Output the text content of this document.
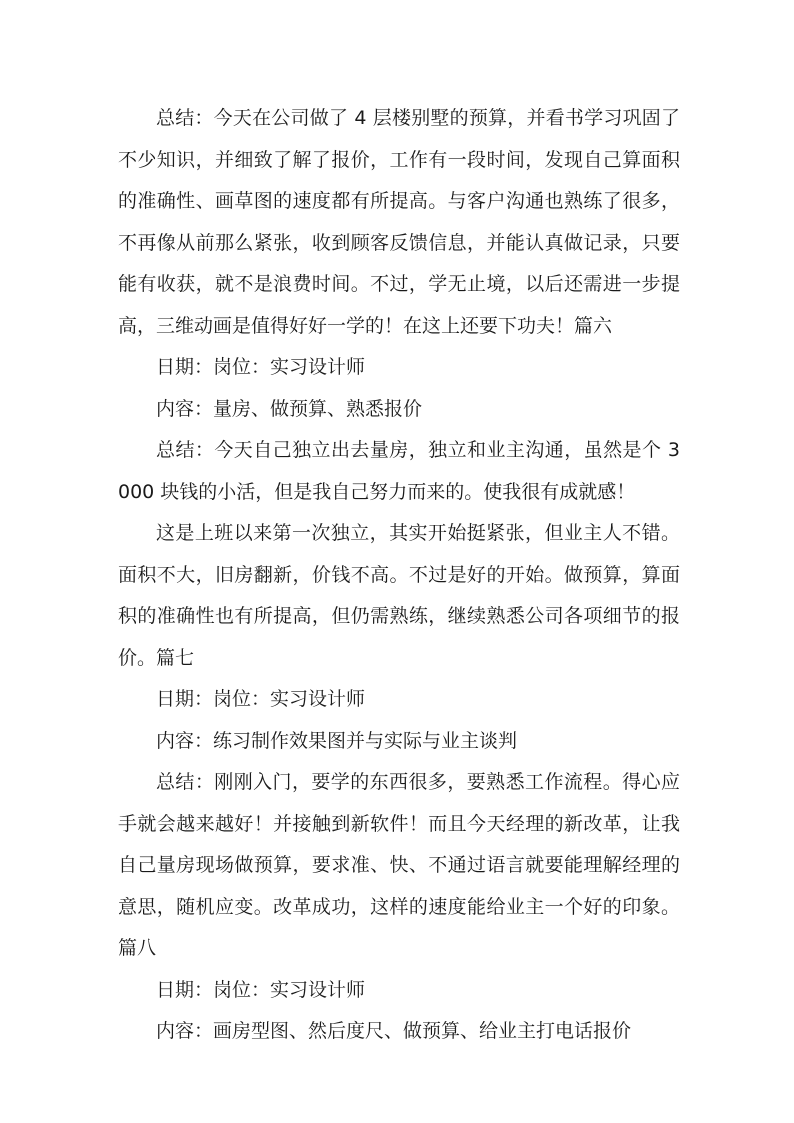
总结：今天在公司做了 4 层楼别墅的预算，并看书学习巩固了不少知识，并细致了解了报价，工作有一段时间，发现自己算面积的准确性、画草图的速度都有所提高。与客户沟通也熟练了很多，不再像从前那么紧张，收到顾客反馈信息，并能认真做记录，只要能有收获，就不是浪费时间。不过，学无止境，以后还需进一步提高，三维动画是值得好好一学的！在这上还要下功夫！篇六

日期：岗位：实习设计师

内容：量房、做预算、熟悉报价

总结：今天自己独立出去量房，独立和业主沟通，虽然是个 3000 块钱的小活，但是我自己努力而来的。使我很有成就感！

这是上班以来第一次独立，其实开始挺紧张，但业主人不错。面积不大，旧房翻新，价钱不高。不过是好的开始。做预算，算面积的准确性也有所提高，但仍需熟练，继续熟悉公司各项细节的报价。篇七

日期：岗位：实习设计师

内容：练习制作效果图并与实际与业主谈判

总结：刚刚入门，要学的东西很多，要熟悉工作流程。得心应手就会越来越好！并接触到新软件！而且今天经理的新改革，让我自己量房现场做预算，要求准、快、不通过语言就要能理解经理的意思，随机应变。改革成功，这样的速度能给业主一个好的印象。篇八

日期：岗位：实习设计师

内容：画房型图、然后度尺、做预算、给业主打电话报价
